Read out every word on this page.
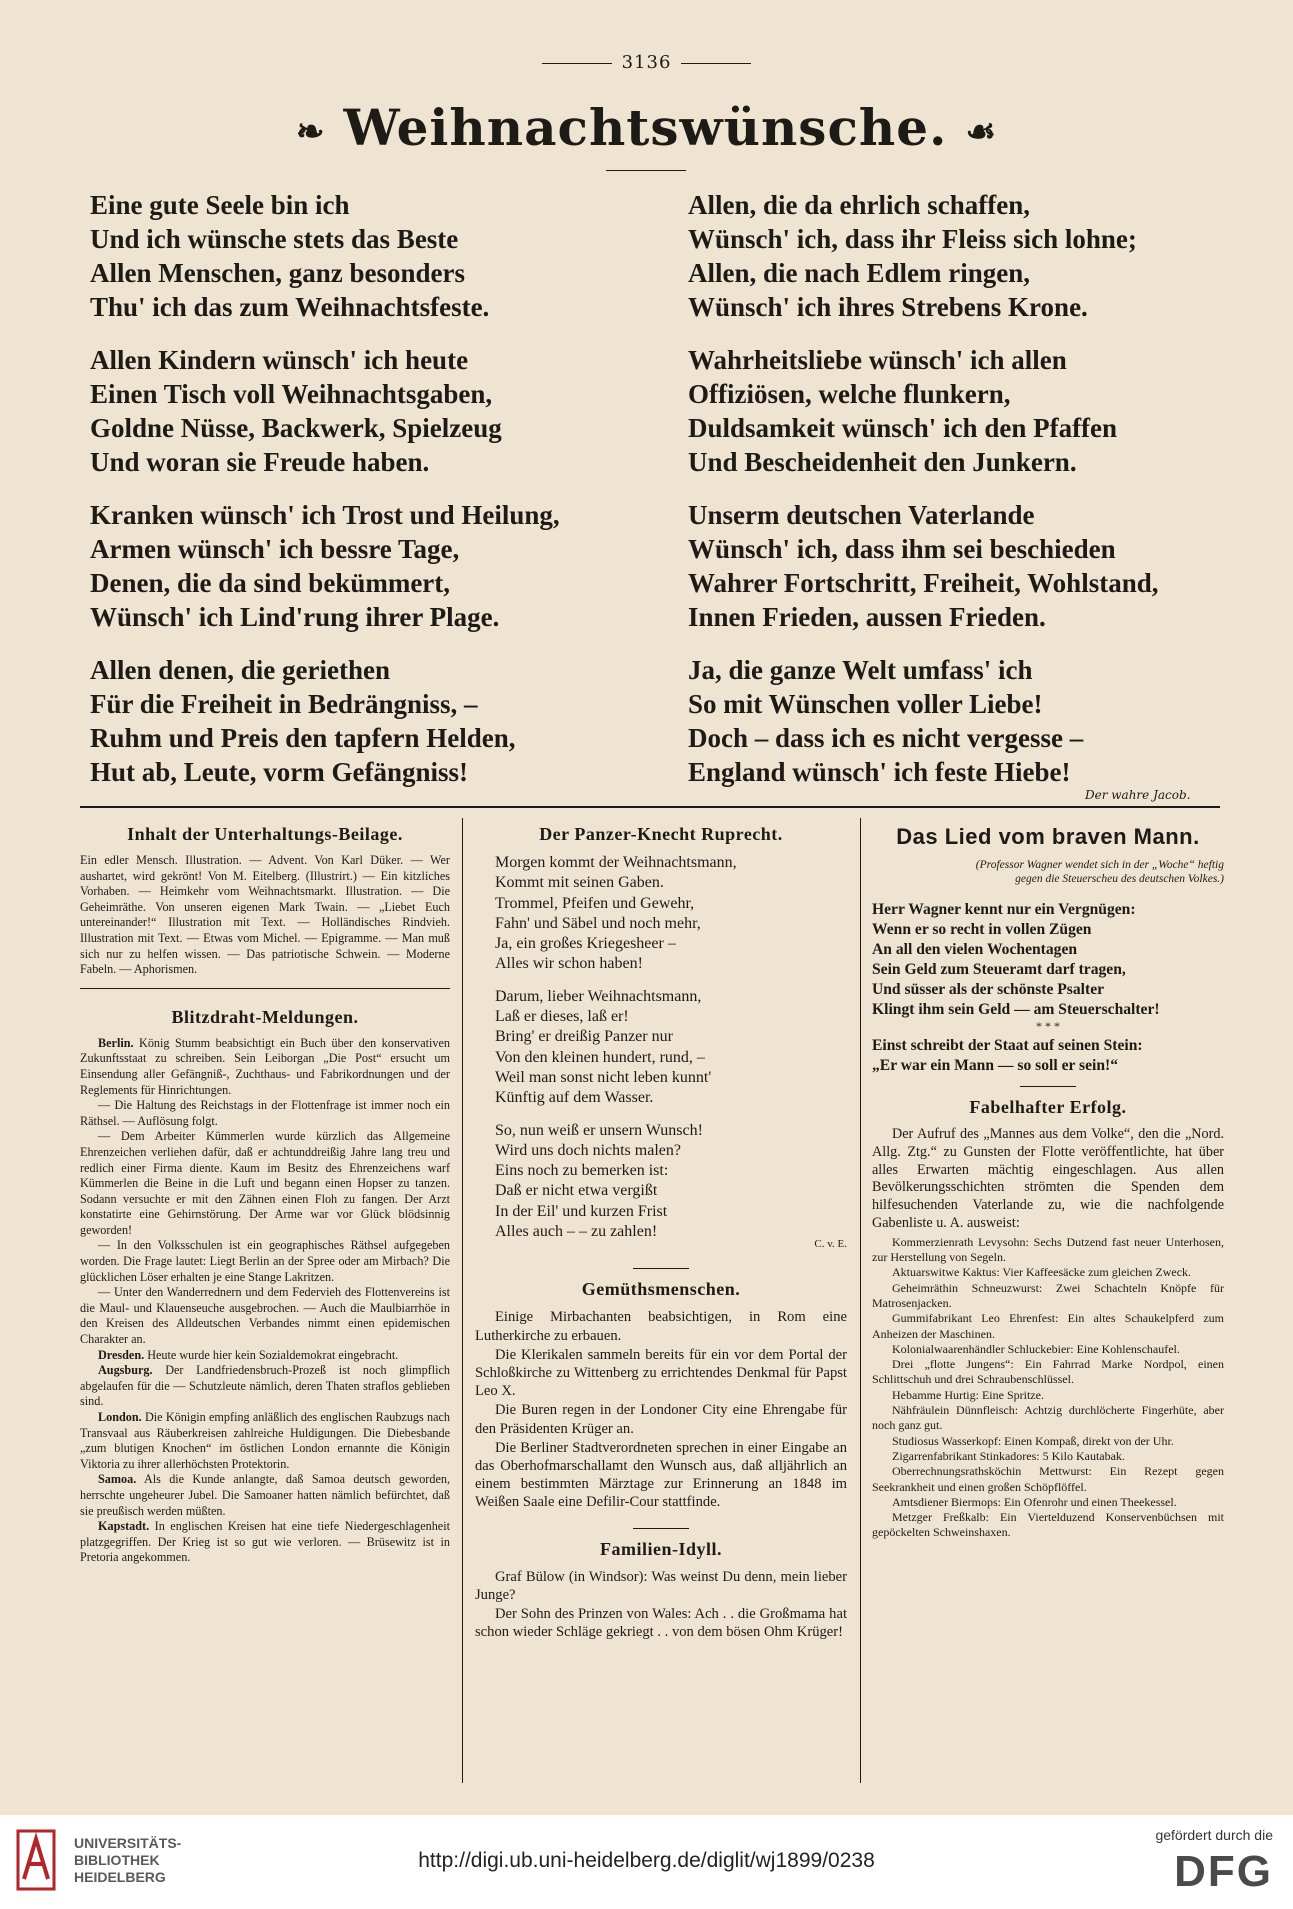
3136
❧ Weihnachtswünsche. ☙
Eine gute Seele bin ich
Und ich wünsche stets das Beste
Allen Menschen, ganz besonders
Thu' ich das zum Weihnachtsfeste.
Allen Kindern wünsch' ich heute
Einen Tisch voll Weihnachtsgaben,
Goldne Nüsse, Backwerk, Spielzeug
Und woran sie Freude haben.
Kranken wünsch' ich Trost und Heilung,
Armen wünsch' ich bessre Tage,
Denen, die da sind bekümmert,
Wünsch' ich Lind'rung ihrer Plage.
Allen denen, die geriethen
Für die Freiheit in Bedrängniss, –
Ruhm und Preis den tapfern Helden,
Hut ab, Leute, vorm Gefängniss!
Allen, die da ehrlich schaffen,
Wünsch' ich, dass ihr Fleiss sich lohne;
Allen, die nach Edlem ringen,
Wünsch' ich ihres Strebens Krone.
Wahrheitsliebe wünsch' ich allen
Offiziösen, welche flunkern,
Duldsamkeit wünsch' ich den Pfaffen
Und Bescheidenheit den Junkern.
Unserm deutschen Vaterlande
Wünsch' ich, dass ihm sei beschieden
Wahrer Fortschritt, Freiheit, Wohlstand,
Innen Frieden, aussen Frieden.
Ja, die ganze Welt umfass' ich
So mit Wünschen voller Liebe!
Doch – dass ich es nicht vergesse –
England wünsch' ich feste Hiebe!
Der wahre Jacob.
Inhalt der Unterhaltungs-Beilage.
Ein edler Mensch. Illustration. — Advent. Von Karl Düker. — Wer aushartet, wird gekrönt! Von M. Eitelberg. (Illustrirt.) — Ein kitzliches Vorhaben. — Heimkehr vom Weihnachtsmarkt. Illustration. — Die Geheimräthe. Von unseren eigenen Mark Twain. — „Liebet Euch untereinander!“ Illustration mit Text. — Holländisches Rindvieh. Illustration mit Text. — Etwas vom Michel. — Epigramme. — Man muß sich nur zu helfen wissen. — Das patriotische Schwein. — Moderne Fabeln. — Aphorismen.
Blitzdraht-Meldungen.

Berlin. König Stumm beabsichtigt ein Buch über den konservativen Zukunftsstaat zu schreiben. Sein Leiborgan „Die Post“ ersucht um Einsendung aller Gefängniß-, Zuchthaus- und Fabrikordnungen und der Reglements für Hinrichtungen.

— Die Haltung des Reichstags in der Flottenfrage ist immer noch ein Räthsel. — Auflösung folgt.

— Dem Arbeiter Kümmerlen wurde kürzlich das Allgemeine Ehrenzeichen verliehen dafür, daß er achtunddreißig Jahre lang treu und redlich einer Firma diente. Kaum im Besitz des Ehrenzeichens warf Kümmerlen die Beine in die Luft und begann einen Hopser zu tanzen. Sodann versuchte er mit den Zähnen einen Floh zu fangen. Der Arzt konstatirte eine Gehirnstörung. Der Arme war vor Glück blödsinnig geworden!

— In den Volksschulen ist ein geographisches Räthsel aufgegeben worden. Die Frage lautet: Liegt Berlin an der Spree oder am Mirbach? Die glücklichen Löser erhalten je eine Stange Lakritzen.

— Unter den Wanderrednern und dem Federvieh des Flottenvereins ist die Maul- und Klauenseuche ausgebrochen. — Auch die Maulbiarrhöe in den Kreisen des Alldeutschen Verbandes nimmt einen epidemischen Charakter an.

Dresden. Heute wurde hier kein Sozialdemokrat eingebracht.

Augsburg. Der Landfriedensbruch-Prozeß ist noch glimpflich abgelaufen für die — Schutzleute nämlich, deren Thaten straflos geblieben sind.

London. Die Königin empfing anläßlich des englischen Raubzugs nach Transvaal aus Räuberkreisen zahlreiche Huldigungen. Die Diebesbande „zum blutigen Knochen“ im östlichen London ernannte die Königin Viktoria zu ihrer allerhöchsten Protektorin.

Samoa. Als die Kunde anlangte, daß Samoa deutsch geworden, herrschte ungeheurer Jubel. Die Samoaner hatten nämlich befürchtet, daß sie preußisch werden müßten.

Kapstadt. In englischen Kreisen hat eine tiefe Niedergeschlagenheit platzgegriffen. Der Krieg ist so gut wie verloren. — Brüsewitz ist in Pretoria angekommen.

Der Panzer-Knecht Ruprecht.
Morgen kommt der Weihnachtsmann,
Kommt mit seinen Gaben.
Trommel, Pfeifen und Gewehr,
Fahn' und Säbel und noch mehr,
Ja, ein großes Kriegesheer –
Alles wir schon haben!
Darum, lieber Weihnachtsmann,
Laß er dieses, laß er!
Bring' er dreißig Panzer nur
Von den kleinen hundert, rund, –
Weil man sonst nicht leben kunnt'
Künftig auf dem Wasser.
So, nun weiß er unsern Wunsch!
Wird uns doch nichts malen?
Eins noch zu bemerken ist:
Daß er nicht etwa vergißt
In der Eil' und kurzen Frist
Alles auch – – zu zahlen!
C. v. E.
Gemüthsmenschen.

Einige Mirbachanten beabsichtigen, in Rom eine Lutherkirche zu erbauen.

Die Klerikalen sammeln bereits für ein vor dem Portal der Schloßkirche zu Wittenberg zu errichtendes Denkmal für Papst Leo X.

Die Buren regen in der Londoner City eine Ehrengabe für den Präsidenten Krüger an.

Die Berliner Stadtverordneten sprechen in einer Eingabe an das Oberhofmarschallamt den Wunsch aus, daß alljährlich an einem bestimmten Märztage zur Erinnerung an 1848 im Weißen Saale eine Defilir-Cour stattfinde.

Familien-Idyll.

Graf Bülow (in Windsor): Was weinst Du denn, mein lieber Junge?

Der Sohn des Prinzen von Wales: Ach . . die Großmama hat schon wieder Schläge gekriegt . . von dem bösen Ohm Krüger!

Das Lied vom braven Mann.
(Professor Wagner wendet sich in der „Woche“ heftig gegen die Steuerscheu des deutschen Volkes.)
Herr Wagner kennt nur ein Vergnügen:
Wenn er so recht in vollen Zügen
An all den vielen Wochentagen
Sein Geld zum Steueramt darf tragen,
Und süsser als der schönste Psalter
Klingt ihm sein Geld — am Steuerschalter!
* * *
Einst schreibt der Staat auf seinen Stein:
„Er war ein Mann — so soll er sein!“
Fabelhafter Erfolg.
Der Aufruf des „Mannes aus dem Volke“, den die „Nord. Allg. Ztg.“ zu Gunsten der Flotte veröffentlichte, hat über alles Erwarten mächtig eingeschlagen. Aus allen Bevölkerungsschichten strömten die Spenden dem hilfesuchenden Vaterlande zu, wie die nachfolgende Gabenliste u. A. ausweist:

Kommerzienrath Levysohn: Sechs Dutzend fast neuer Unterhosen, zur Herstellung von Segeln.

Aktuarswitwe Kaktus: Vier Kaffeesäcke zum gleichen Zweck.

Geheimräthin Schneuzwurst: Zwei Schachteln Knöpfe für Matrosenjacken.

Gummifabrikant Leo Ehrenfest: Ein altes Schaukelpferd zum Anheizen der Maschinen.

Kolonialwaarenhändler Schluckebier: Eine Kohlenschaufel.

Drei „flotte Jungens“: Ein Fahrrad Marke Nordpol, einen Schlittschuh und drei Schraubenschlüssel.

Hebamme Hurtig: Eine Spritze.

Nähfräulein Dünnfleisch: Achtzig durchlöcherte Fingerhüte, aber noch ganz gut.

Studiosus Wasserkopf: Einen Kompaß, direkt von der Uhr.

Zigarrenfabrikant Stinkadores: 5 Kilo Kautabak.

Oberrechnungsrathsköchin Mettwurst: Ein Rezept gegen Seekrankheit und einen großen Schöpflöffel.

Amtsdiener Biermops: Ein Ofenrohr und einen Theekessel.

Metzger Freßkalb: Ein Viertelduzend Konservenbüchsen mit gepöckelten Schweinshaxen.

UNIVERSITÄTS-
BIBLIOTHEK
HEIDELBERG
http://digi.ub.uni-heidelberg.de/diglit/wj1899/0238
gefördert durch die
DFG
